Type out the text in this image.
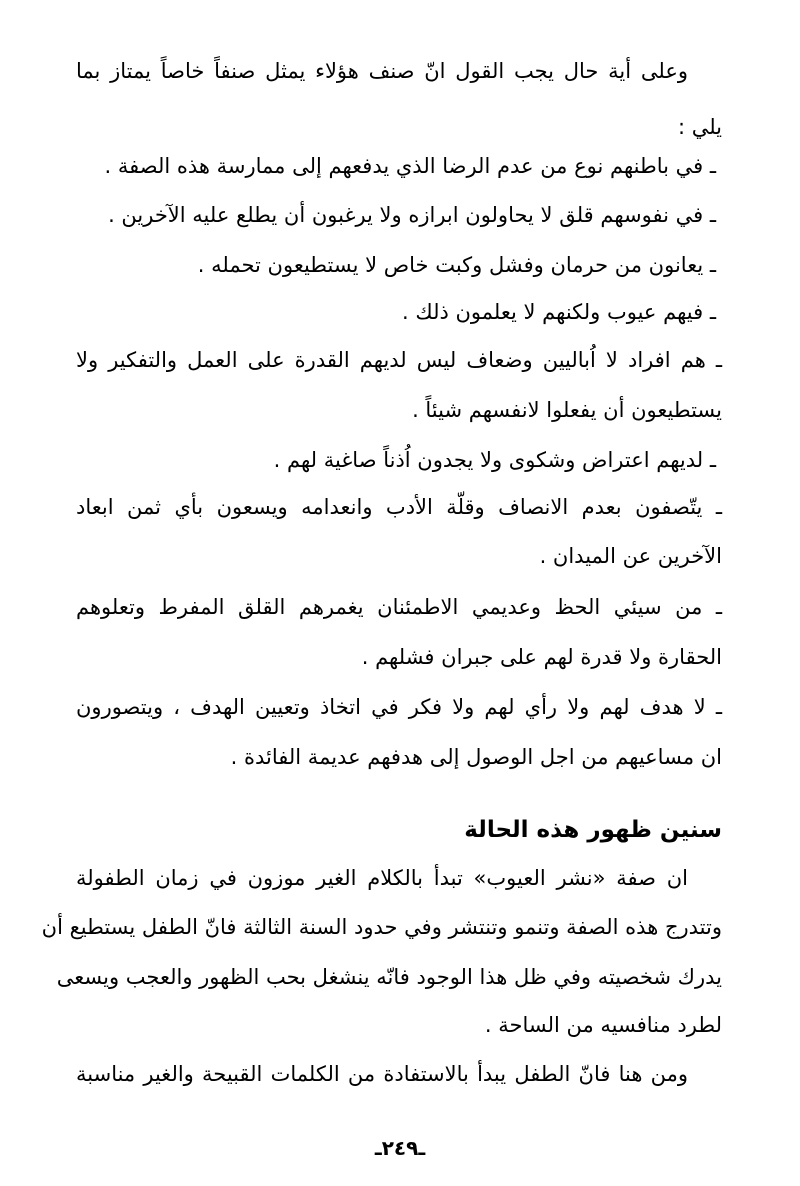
وعلى أية حال يجب القول انّ صنف هؤلاء يمثل صنفاً خاصاً يمتاز بما
يلي :
ـ في باطنهم نوع من عدم الرضا الذي يدفعهم إلى ممارسة هذه الصفة .
ـ في نفوسهم قلق لا يحاولون ابرازه ولا يرغبون أن يطلع عليه الآخرين .
ـ يعانون من حرمان وفشل وكبت خاص لا يستطيعون تحمله .
ـ فيهم عيوب ولكنهم لا يعلمون ذلك .
ـ هم افراد لا اُباليين وضعاف ليس لديهم القدرة على العمل والتفكير ولا
يستطيعون أن يفعلوا لانفسهم شيئاً .
ـ لديهم اعتراض وشكوى ولا يجدون اُذناً صاغية لهم .
ـ يتّصفون بعدم الانصاف وقلّة الأدب وانعدامه ويسعون بأي ثمن ابعاد
الآخرين عن الميدان .
ـ من سيئي الحظ وعديمي الاطمئنان يغمرهم القلق المفرط وتعلوهم
الحقارة ولا قدرة لهم على جبران فشلهم .
ـ لا هدف لهم ولا رأي لهم ولا فكر في اتخاذ وتعيين الهدف ، ويتصورون
ان مساعيهم من اجل الوصول إلى هدفهم عديمة الفائدة .
سنين ظهور هذه الحالة
ان صفة «نشر العيوب» تبدأ بالكلام الغير موزون في زمان الطفولة
وتتدرج هذه الصفة وتنمو وتنتشر وفي حدود السنة الثالثة فانّ الطفل يستطيع أن
يدرك شخصيته وفي ظل هذا الوجود فانّه ينشغل بحب الظهور والعجب ويسعى
لطرد منافسيه من الساحة .
ومن هنا فانّ الطفل يبدأ بالاستفادة من الكلمات القبيحة والغير مناسبة
ـ٢٤٩ـ
